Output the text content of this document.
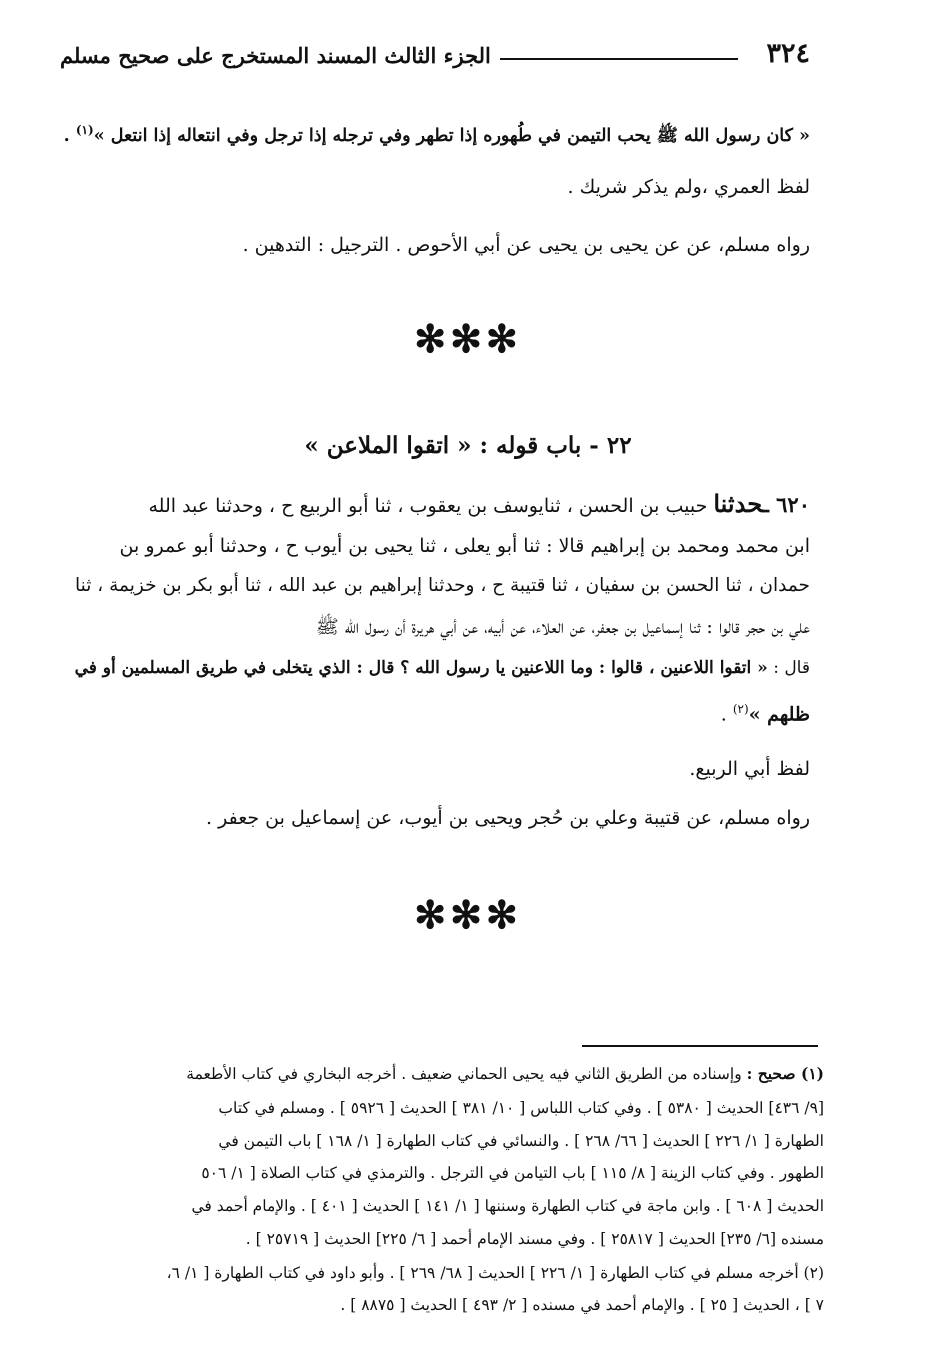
٣٢٤
الجزء الثالث المسند المستخرج على صحيح مسلم
« كان رسول الله ﷺ يحب التيمن في طُهوره إذا تطهر وفي ترجله إذا ترجل وفي انتعاله إذا انتعل »$^{(١)}$ .
لفظ العمري ،ولم يذكر شريك .
رواه مسلم، عن عن يحيى بن يحيى عن أبي الأحوص . الترجيل : التدهين .
✻✻✻
٢٢ - باب قوله : « اتقوا الملاعن »
٦٢٠ ـحدثنا حبيب بن الحسن ، ثنايوسف بن يعقوب ، ثنا أبو الربيع ح ، وحدثنا عبد الله
ابن محمد ومحمد بن إبراهيم قالا : ثنا أبو يعلى ، ثنا يحيى بن أيوب ح ، وحدثنا أبو عمرو بن
حمدان ، ثنا الحسن بن سفيان ، ثنا قتيبة ح ، وحدثنا إبراهيم بن عبد الله ، ثنا أبو بكر بن خزيمة ، ثنا
علي بن حجر قالوا : ثنا إسماعيل بن جعفر، عن العلاء، عن أبيه، عن أبي هريرة أن رسول الله ﷺ
قال : « اتقوا اللاعنين ، قالوا : وما اللاعنين يا رسول الله ؟ قال : الذي يتخلى في طريق المسلمين أو في
ظلهم »$^{(٢)}$ .
لفظ أبي الربيع.
رواه مسلم، عن قتيبة وعلي بن حُجر ويحيى بن أيوب، عن إسماعيل بن جعفر .
✻✻✻
(١) صحيح : وإسناده من الطريق الثاني فيه يحيى الحماني ضعيف . أخرجه البخاري في كتاب الأطعمة
[٩/ ٤٣٦] الحديث [ ٥٣٨٠ ] . وفي كتاب اللباس [ ١٠/ ٣٨١ ] الحديث [ ٥٩٢٦ ] . ومسلم في كتاب
الطهارة [ ١/ ٢٢٦ ] الحديث [ ٦٦/ ٢٦٨ ] . والنسائي في كتاب الطهارة [ ١/ ١٦٨ ] باب التيمن في
الطهور . وفي كتاب الزينة [ ٨/ ١١٥ ] باب التيامن في الترجل . والترمذي في كتاب الصلاة [ ١/ ٥٠٦
الحديث [ ٦٠٨ ] . وابن ماجة في كتاب الطهارة وسننها [ ١/ ١٤١ ] الحديث [ ٤٠١ ] . والإمام أحمد في
مسنده [٦/ ٢٣٥] الحديث [ ٢٥٨١٧ ] . وفي مسند الإمام أحمد [ ٦/ ٢٢٥] الحديث [ ٢٥٧١٩ ] .
(٢) أخرجه مسلم في كتاب الطهارة [ ١/ ٢٢٦ ] الحديث [ ٦٨/ ٢٦٩ ] . وأبو داود في كتاب الطهارة [ ١/ ٦،
٧ ] ، الحديث [ ٢٥ ] . والإمام أحمد في مسنده [ ٢/ ٤٩٣ ] الحديث [ ٨٨٧٥ ] .
